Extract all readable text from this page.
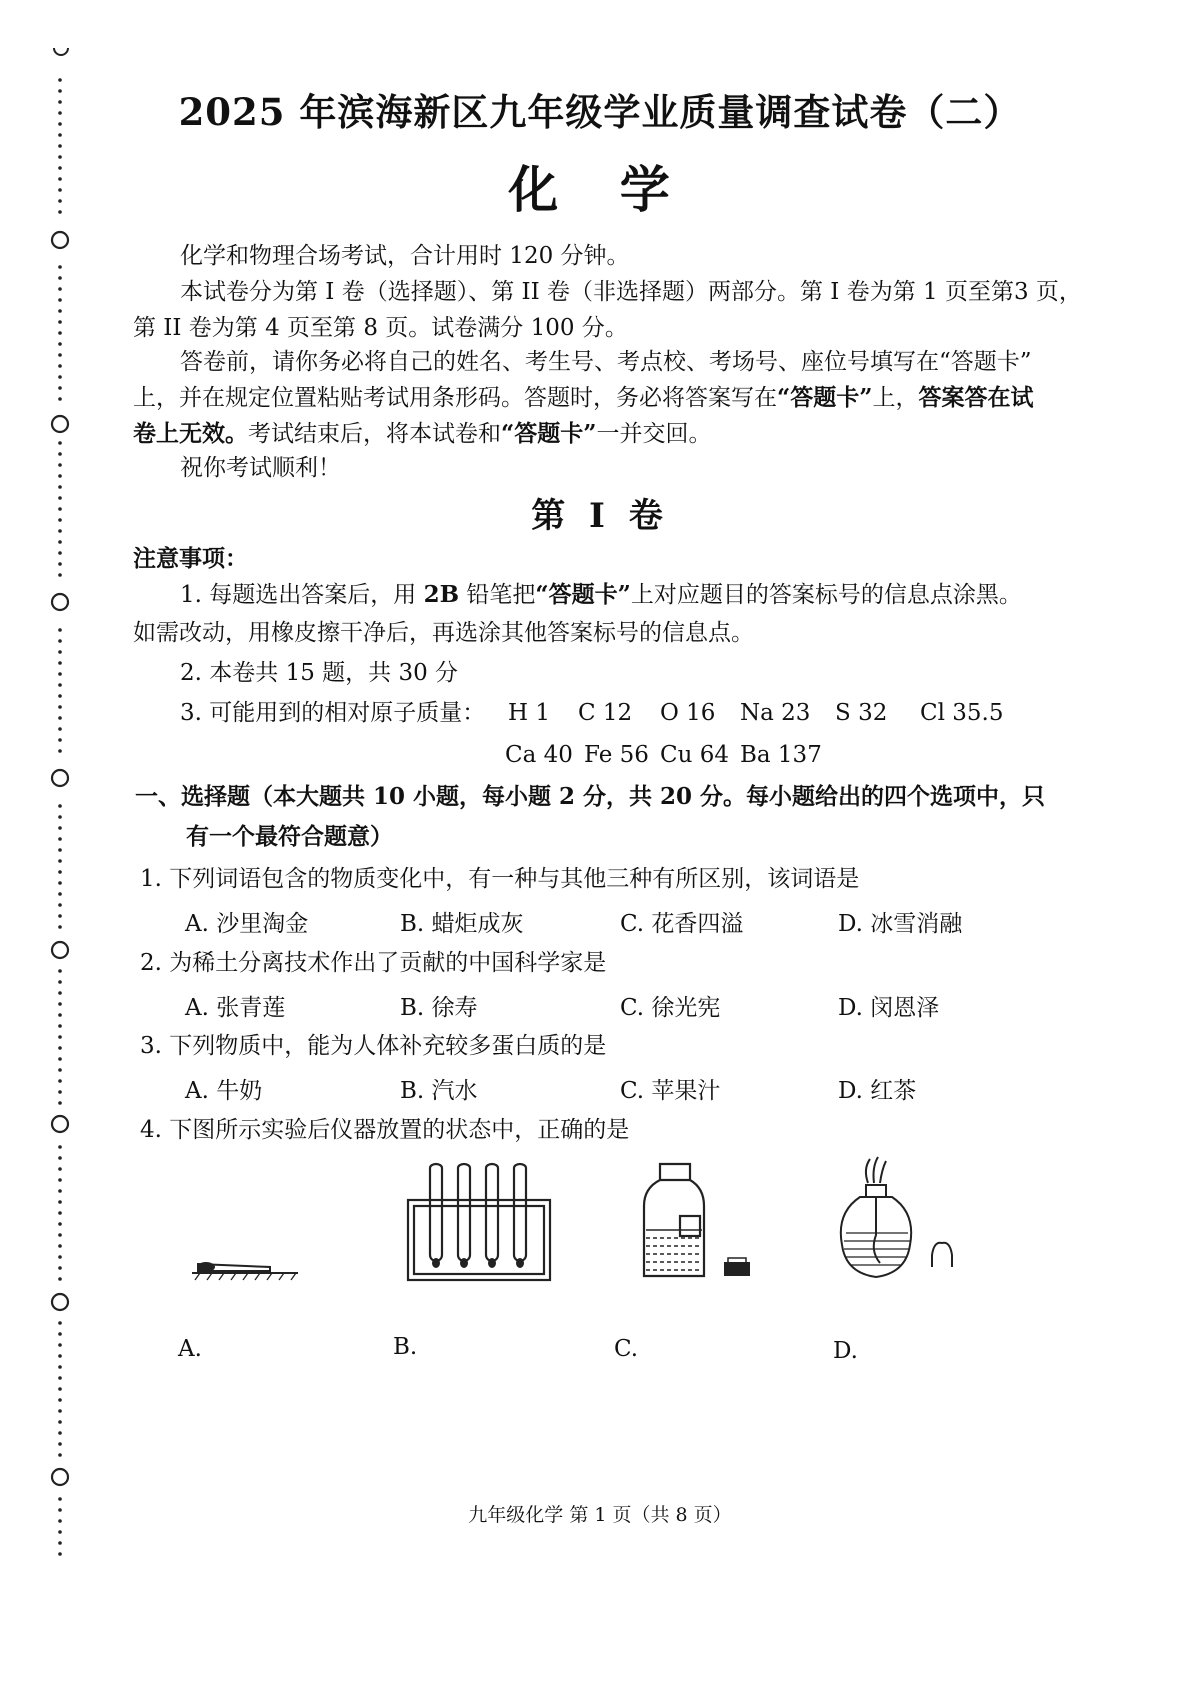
2025 年滨海新区九年级学业质量调查试卷（二）
化 学
化学和物理合场考试，合计用时 120 分钟。
本试卷分为第 I 卷（选择题）、第 II 卷（非选择题）两部分。第 I 卷为第 1 页至第3 页，
第 II 卷为第 4 页至第 8 页。试卷满分 100 分。
答卷前，请你务必将自己的姓名、考生号、考点校、考场号、座位号填写在“答题卡”
上，并在规定位置粘贴考试用条形码。答题时，务必将答案写在“答题卡”上，答案答在试
卷上无效。考试结束后，将本试卷和“答题卡”一并交回。
祝你考试顺利！
第 I 卷
注意事项：
1. 每题选出答案后，用 2B 铅笔把“答题卡”上对应题目的答案标号的信息点涂黑。
如需改动，用橡皮擦干净后，再选涂其他答案标号的信息点。
2. 本卷共 15 题，共 30 分
3. 可能用到的相对原子质量： H 1 C 12 O 16 Na 23 S 32 Cl 35.5
Ca 40 Fe 56 Cu 64 Ba 137
一、选择题（本大题共 10 小题，每小题 2 分，共 20 分。每小题给出的四个选项中，只
有一个最符合题意）
1. 下列词语包含的物质变化中，有一种与其他三种有所区别，该词语是
A. 沙里淘金	B. 蜡炬成灰	C. 花香四溢	D. 冰雪消融
2. 为稀土分离技术作出了贡献的中国科学家是
A. 张青莲	B. 徐寿	C. 徐光宪	D. 闵恩泽
3. 下列物质中，能为人体补充较多蛋白质的是
A. 牛奶	B. 汽水	C. 苹果汁	D. 红茶
4. 下图所示实验后仪器放置的状态中，正确的是
A.	B.	C.	D.
九年级化学 第 1 页（共 8 页）
